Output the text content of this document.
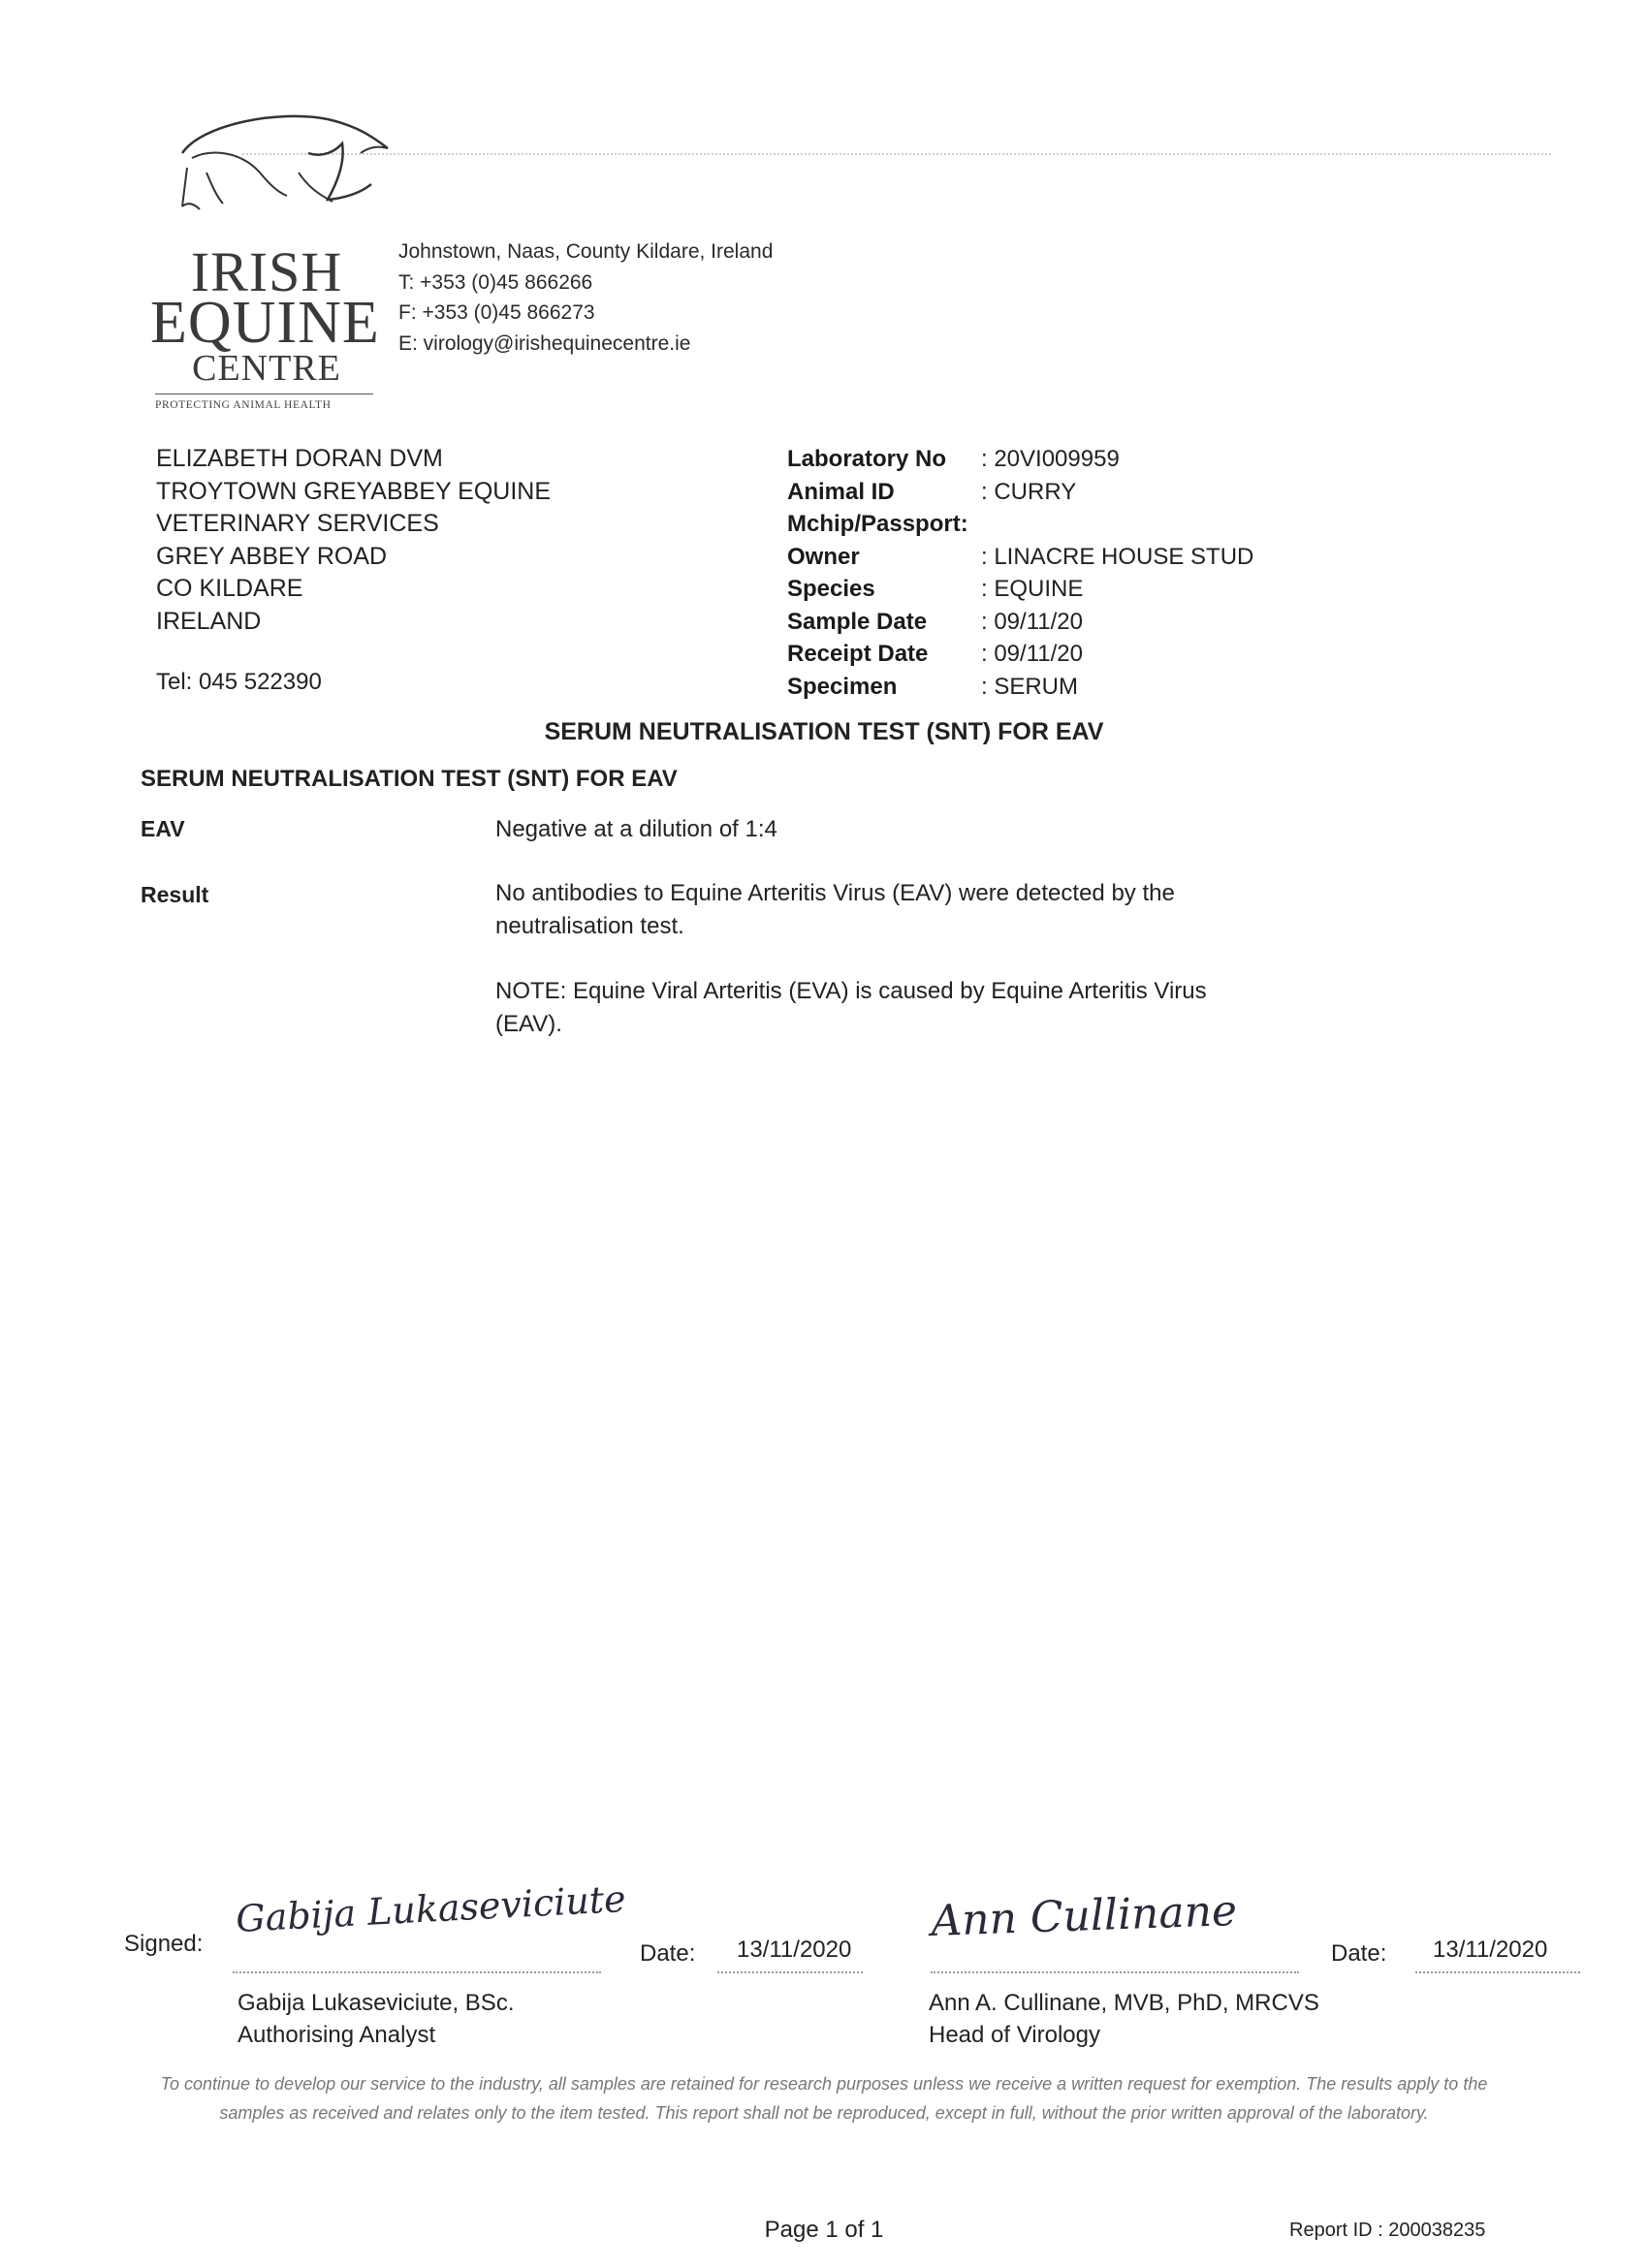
IRISH
EQUINE
CENTRE
PROTECTING ANIMAL HEALTH
Johnstown, Naas, County Kildare, Ireland
T: +353 (0)45 866266
F: +353 (0)45 866273
E: virology@irishequinecentre.ie
ELIZABETH DORAN DVM
TROYTOWN GREYABBEY EQUINE
VETERINARY SERVICES
GREY ABBEY ROAD
CO KILDARE
IRELAND
Tel: 045 522390
Laboratory No	: 20VI009959
Animal ID	: CURRY
Mchip/Passport:
Owner	: LINACRE HOUSE STUD
Species	: EQUINE
Sample Date	: 09/11/20
Receipt Date	: 09/11/20
Specimen	: SERUM
SERUM NEUTRALISATION TEST (SNT) FOR EAV
SERUM NEUTRALISATION TEST (SNT) FOR EAV
EAV	Negative at a dilution of 1:4
Result	No antibodies to Equine Arteritis Virus (EAV) were detected by the neutralisation test.
NOTE: Equine Viral Arteritis (EVA) is caused by Equine Arteritis Virus (EAV).
Signed:
Gabija Lukaseviciute
Date: 13/11/2020
Gabija Lukaseviciute, BSc.
Authorising Analyst
Ann Cullinane
Date: 13/11/2020
Ann A. Cullinane, MVB, PhD, MRCVS
Head of Virology
To continue to develop our service to the industry, all samples are retained for research purposes unless we receive a written request for exemption. The results apply to the samples as received and relates only to the item tested. This report shall not be reproduced, except in full, without the prior written approval of the laboratory.
Page 1 of 1	Report ID : 200038235
